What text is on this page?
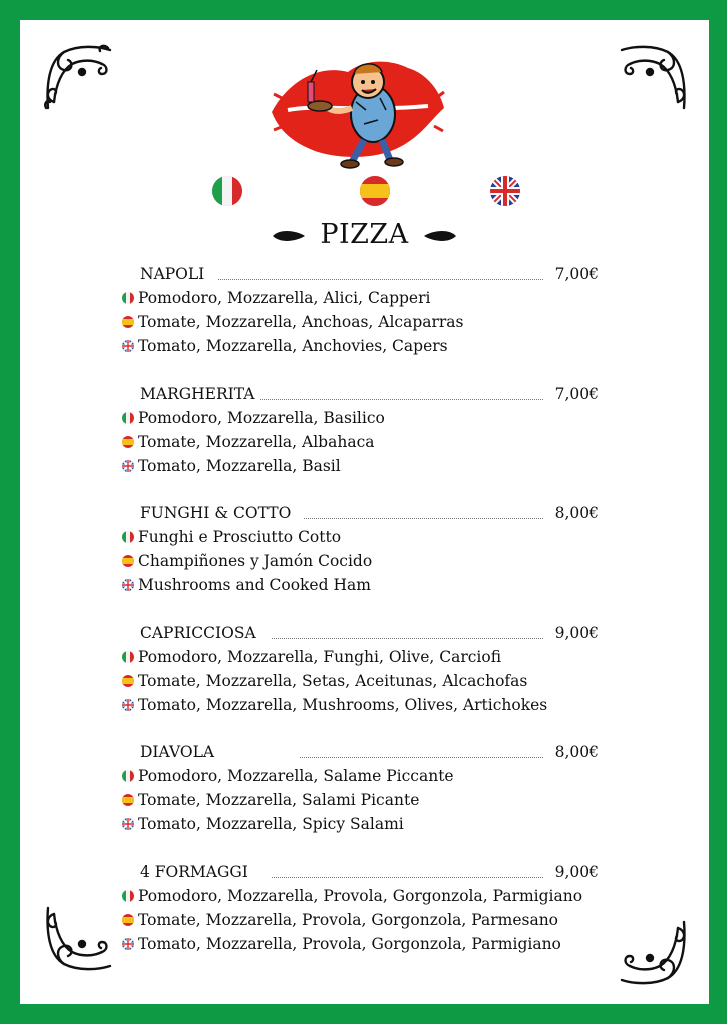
PIZZA
NAPOLI	7,00€
Pomodoro, Mozzarella, Alici, Capperi
Tomate, Mozzarella, Anchoas, Alcaparras
Tomato, Mozzarella, Anchovies, Capers
MARGHERITA	7,00€
Pomodoro, Mozzarella, Basilico
Tomate, Mozzarella, Albahaca
Tomato, Mozzarella, Basil
FUNGHI & COTTO	8,00€
Funghi e Prosciutto Cotto
Champiñones y Jamón Cocido
Mushrooms and Cooked Ham
CAPRICCIOSA	9,00€
Pomodoro, Mozzarella, Funghi, Olive, Carciofi
Tomate, Mozzarella, Setas, Aceitunas, Alcachofas
Tomato, Mozzarella, Mushrooms, Olives, Artichokes
DIAVOLA	8,00€
Pomodoro, Mozzarella, Salame Piccante
Tomate, Mozzarella, Salami Picante
Tomato, Mozzarella, Spicy Salami
4 FORMAGGI	9,00€
Pomodoro, Mozzarella, Provola, Gorgonzola, Parmigiano
Tomate, Mozzarella, Provola, Gorgonzola, Parmesano
Tomato, Mozzarella, Provola, Gorgonzola, Parmigiano
